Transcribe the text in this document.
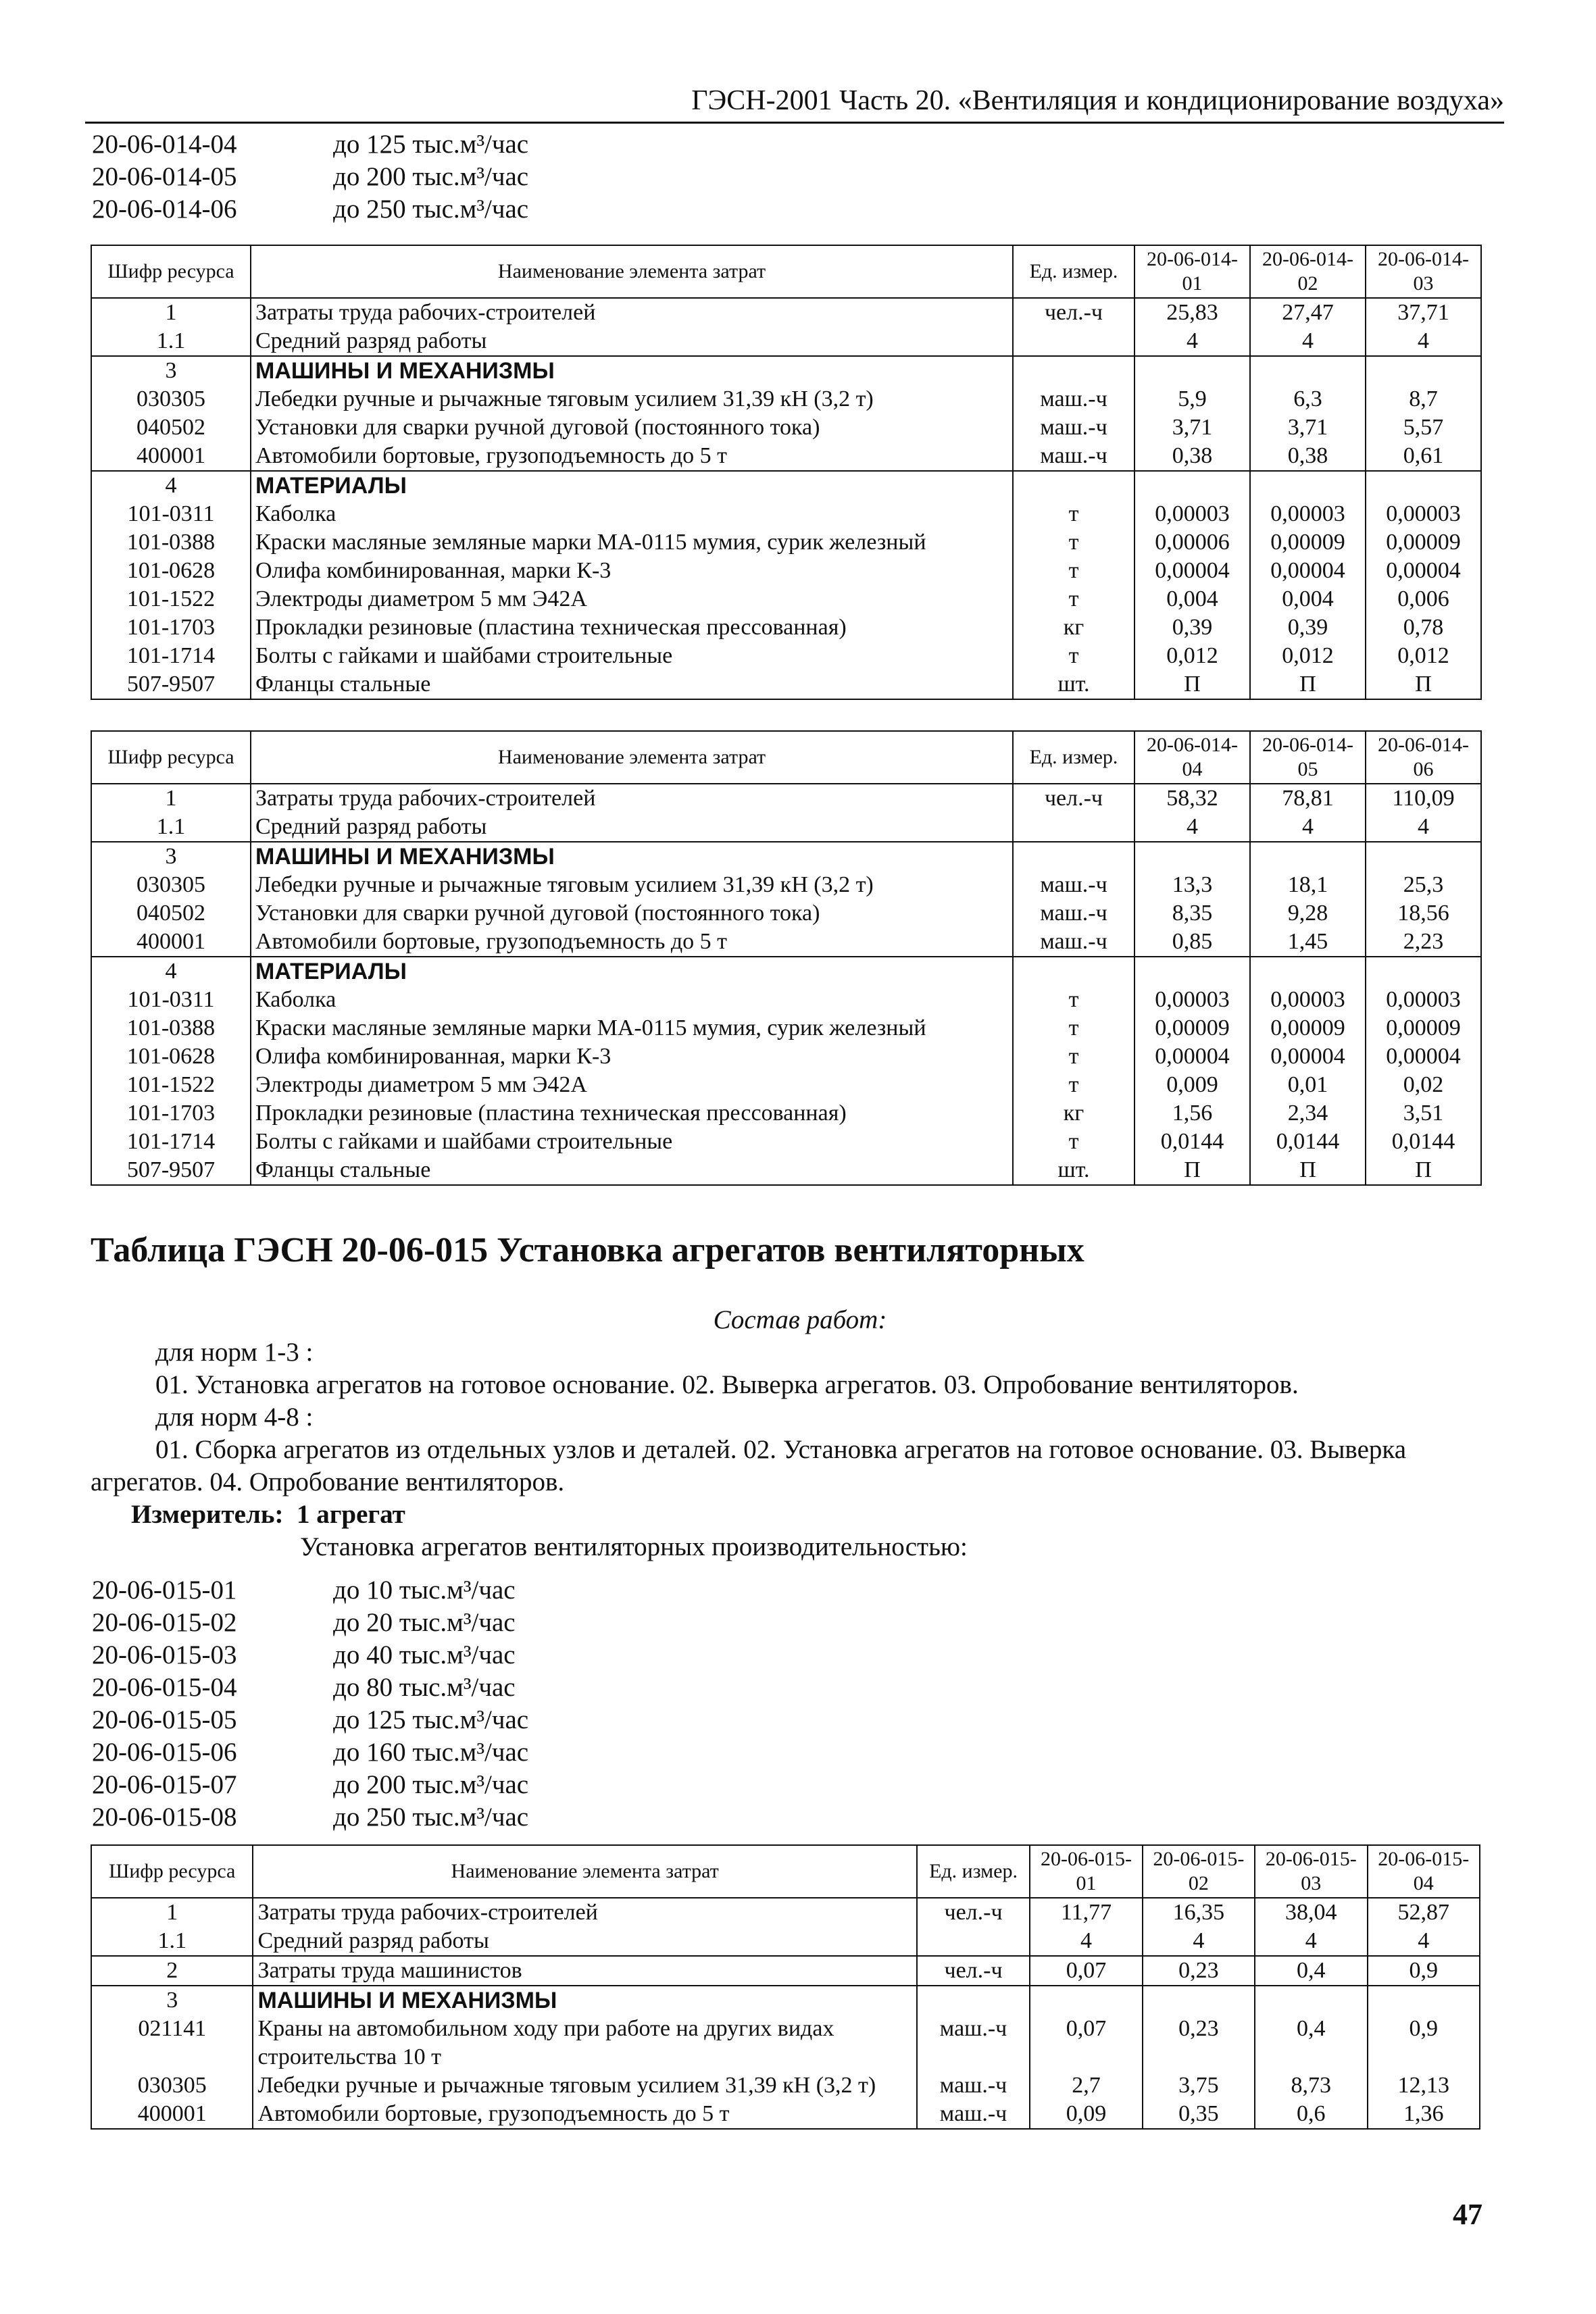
ГЭСН-2001 Часть 20. «Вентиляция и кондиционирование воздуха»
20-06-014-04	до 125 тыс.м³/час
20-06-014-05	до 200 тыс.м³/час
20-06-014-06	до 250 тыс.м³/час
Шифр ресурса	Наименование элемента затрат	Ед. измер.	20-06-014-01	20-06-014-02	20-06-014-03
1	Затраты труда рабочих-строителей	чел.-ч	25,83	27,47	37,71
1.1	Средний разряд работы		4	4	4
3	МАШИНЫ И МЕХАНИЗМЫ				
030305	Лебедки ручные и рычажные тяговым усилием 31,39 кН (3,2 т)	маш.-ч	5,9	6,3	8,7
040502	Установки для сварки ручной дуговой (постоянного тока)	маш.-ч	3,71	3,71	5,57
400001	Автомобили бортовые, грузоподъемность до 5 т	маш.-ч	0,38	0,38	0,61
4	МАТЕРИАЛЫ				
101-0311	Каболка	т	0,00003	0,00003	0,00003
101-0388	Краски масляные земляные марки МА-0115 мумия, сурик железный	т	0,00006	0,00009	0,00009
101-0628	Олифа комбинированная, марки К-3	т	0,00004	0,00004	0,00004
101-1522	Электроды диаметром 5 мм Э42А	т	0,004	0,004	0,006
101-1703	Прокладки резиновые (пластина техническая прессованная)	кг	0,39	0,39	0,78
101-1714	Болты с гайками и шайбами строительные	т	0,012	0,012	0,012
507-9507	Фланцы стальные	шт.	П	П	П
Шифр ресурса	Наименование элемента затрат	Ед. измер.	20-06-014-04	20-06-014-05	20-06-014-06
1	Затраты труда рабочих-строителей	чел.-ч	58,32	78,81	110,09
1.1	Средний разряд работы		4	4	4
3	МАШИНЫ И МЕХАНИЗМЫ				
030305	Лебедки ручные и рычажные тяговым усилием 31,39 кН (3,2 т)	маш.-ч	13,3	18,1	25,3
040502	Установки для сварки ручной дуговой (постоянного тока)	маш.-ч	8,35	9,28	18,56
400001	Автомобили бортовые, грузоподъемность до 5 т	маш.-ч	0,85	1,45	2,23
4	МАТЕРИАЛЫ				
101-0311	Каболка	т	0,00003	0,00003	0,00003
101-0388	Краски масляные земляные марки МА-0115 мумия, сурик железный	т	0,00009	0,00009	0,00009
101-0628	Олифа комбинированная, марки К-3	т	0,00004	0,00004	0,00004
101-1522	Электроды диаметром 5 мм Э42А	т	0,009	0,01	0,02
101-1703	Прокладки резиновые (пластина техническая прессованная)	кг	1,56	2,34	3,51
101-1714	Болты с гайками и шайбами строительные	т	0,0144	0,0144	0,0144
507-9507	Фланцы стальные	шт.	П	П	П
Таблица ГЭСН 20-06-015 Установка агрегатов вентиляторных
Состав работ:
для норм 1-3 :
01. Установка агрегатов на готовое основание. 02. Выверка агрегатов. 03. Опробование вентиляторов.
для норм 4-8 :
01. Сборка агрегатов из отдельных узлов и деталей. 02. Установка агрегатов на готовое основание. 03. Выверка агрегатов. 04. Опробование вентиляторов.
Измеритель: 1 агрегат
Установка агрегатов вентиляторных производительностью:
20-06-015-01	до 10 тыс.м³/час
20-06-015-02	до 20 тыс.м³/час
20-06-015-03	до 40 тыс.м³/час
20-06-015-04	до 80 тыс.м³/час
20-06-015-05	до 125 тыс.м³/час
20-06-015-06	до 160 тыс.м³/час
20-06-015-07	до 200 тыс.м³/час
20-06-015-08	до 250 тыс.м³/час
Шифр ресурса	Наименование элемента затрат	Ед. измер.	20-06-015-01	20-06-015-02	20-06-015-03	20-06-015-04
1	Затраты труда рабочих-строителей	чел.-ч	11,77	16,35	38,04	52,87
1.1	Средний разряд работы		4	4	4	4
2	Затраты труда машинистов	чел.-ч	0,07	0,23	0,4	0,9
3	МАШИНЫ И МЕХАНИЗМЫ					
021141	Краны на автомобильном ходу при работе на других видах строительства 10 т	маш.-ч	0,07	0,23	0,4	0,9
030305	Лебедки ручные и рычажные тяговым усилием 31,39 кН (3,2 т)	маш.-ч	2,7	3,75	8,73	12,13
400001	Автомобили бортовые, грузоподъемность до 5 т	маш.-ч	0,09	0,35	0,6	1,36
47
